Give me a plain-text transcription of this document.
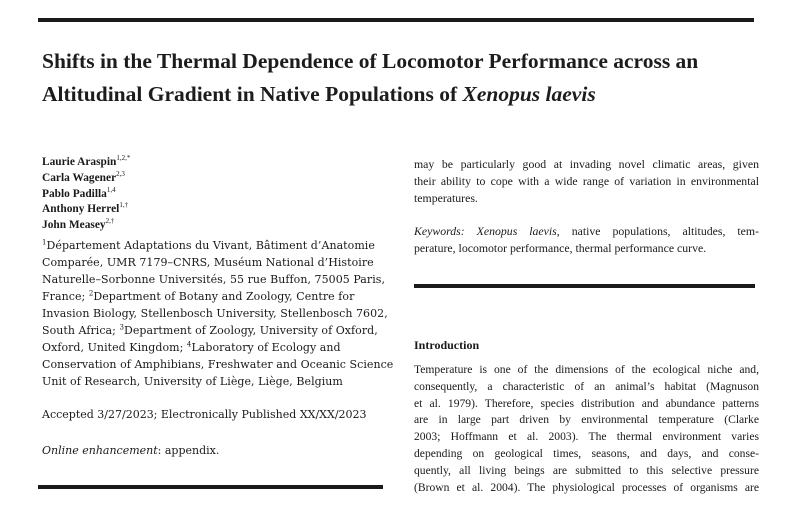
Shifts in the Thermal Dependence of Locomotor Performance across an
Altitudinal Gradient in Native Populations of Xenopus laevis
Laurie Araspin$^{1,2,*}$
Carla Wagener$^{2,3}$
Pablo Padilla$^{1,4}$
Anthony Herrel$^{1,\dagger}$
John Measey$^{2,\dagger}$
$^1$Département Adaptations du Vivant, Bâtiment d’Anatomie
Comparée, UMR 7179–CNRS, Muséum National d’Histoire
Naturelle–Sorbonne Universités, 55 rue Buffon, 75005 Paris,
France; $^2$Department of Botany and Zoology, Centre for
Invasion Biology, Stellenbosch University, Stellenbosch 7602,
South Africa; $^3$Department of Zoology, University of Oxford,
Oxford, United Kingdom; $^4$Laboratory of Ecology and
Conservation of Amphibians, Freshwater and Oceanic Science
Unit of Research, University of Liège, Liège, Belgium
Accepted 3/27/2023; Electronically Published XX/XX/2023
Online enhancement: appendix.
may be particularly good at invading novel climatic areas, given
their ability to cope with a wide range of variation in environmental
temperatures.
Keywords: Xenopus laevis, native populations, altitudes, tem-
perature, locomotor performance, thermal performance curve.
Introduction
Temperature is one of the dimensions of the ecological niche and,
consequently, a characteristic of an animal’s habitat (Magnuson
et al. 1979). Therefore, species distribution and abundance patterns
are in large part driven by environmental temperature (Clarke
2003; Hoffmann et al. 2003). The thermal environment varies
depending on geological times, seasons, and days, and conse-
quently, all living beings are submitted to this selective pressure
(Brown et al. 2004). The physiological processes of organisms are
